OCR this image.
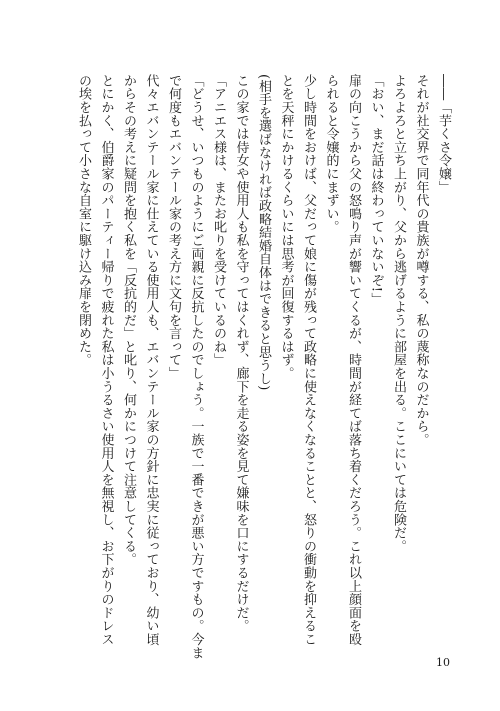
――「芋くさ令嬢」
それが社交界で同年代の貴族が噂する、私の蔑称なのだから。
よろよろと立ち上がり、父から逃げるように部屋を出る。ここにいては危険だ。
「おい、まだ話は終わっていないぞ!」
扉の向こうから父の怒鳴り声が響いてくるが、時間が経てば落ち着くだろう。これ以上顔面を殴
られると令嬢的にまずい。
少し時間をおけば、父だって娘に傷が残って政略に使えなくなることと、怒りの衝動を抑えるこ
とを天秤にかけるくらいには思考が回復するはず。
(相手を選ばなければ政略結婚自体はできると思うし)
この家では侍女や使用人も私を守ってはくれず、廊下を走る姿を見て嫌味を口にするだけだ。
「アニエス様は、またお叱りを受けているのね」
「どうせ、いつものようにご両親に反抗したのでしょう。一族で一番できが悪い方ですもの。今ま
で何度もエバンテール家の考え方に文句を言って」
代々エバンテール家に仕えている使用人も、エバンテール家の方針に忠実に従っており、幼い頃
からその考えに疑問を抱く私を「反抗的だ」と叱り、何かにつけて注意してくる。
とにかく、伯爵家のパーティー帰りで疲れた私は小うるさい使用人を無視し、お下がりのドレス
の埃を払って小さな自室に駆け込み扉を閉めた。
10
